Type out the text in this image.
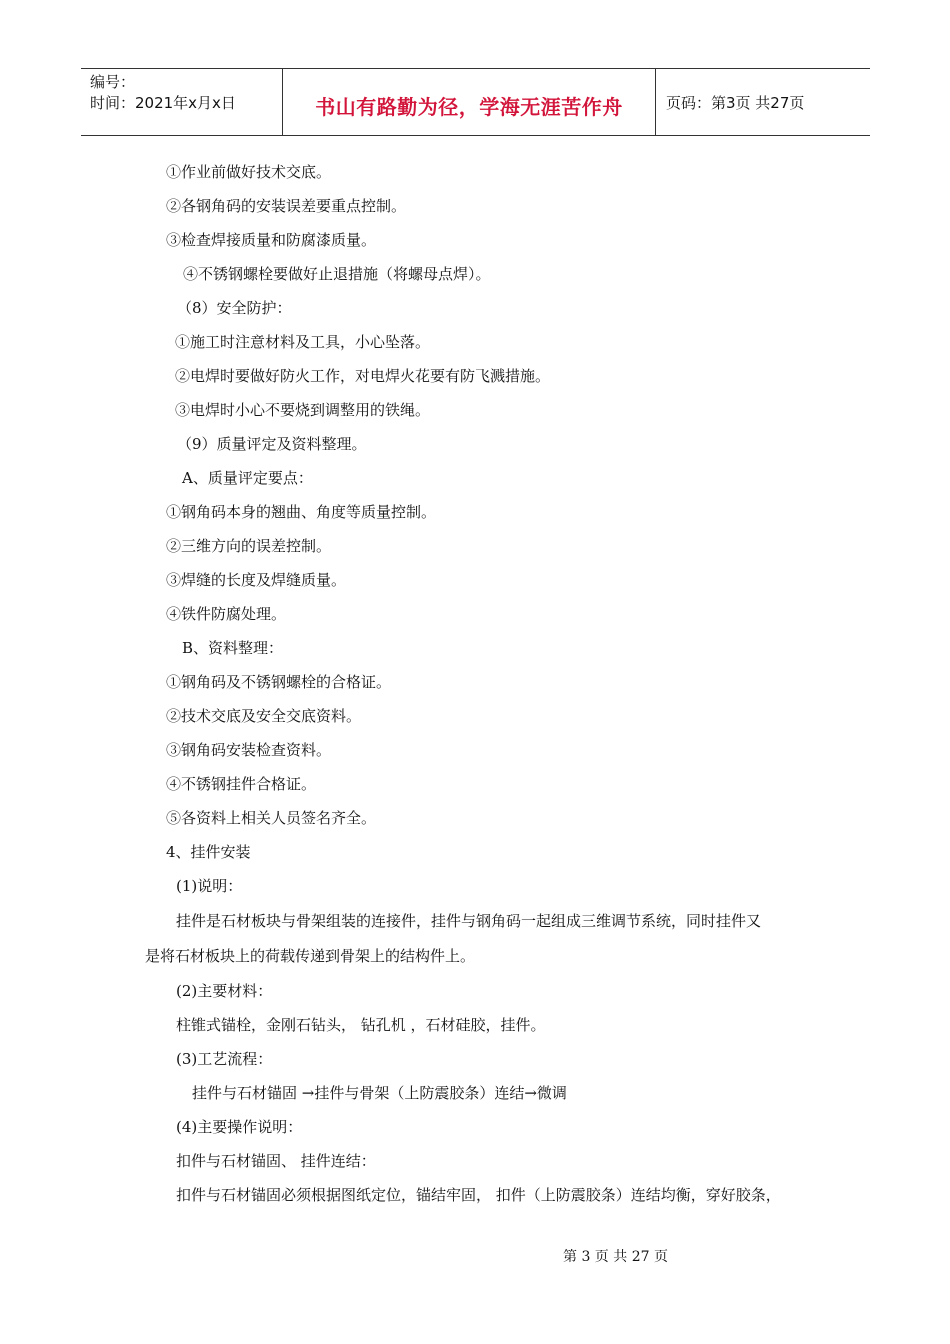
编号：
时间：2021年x月x日	书山有路勤为径，学海无涯苦作舟	页码：第3页 共27页
①作业前做好技术交底。
②各钢角码的安装误差要重点控制。
③检查焊接质量和防腐漆质量。
④不锈钢螺栓要做好止退措施（将螺母点焊）。
（8）安全防护：
①施工时注意材料及工具，小心坠落。
②电焊时要做好防火工作，对电焊火花要有防飞溅措施。
③电焊时小心不要烧到调整用的铁绳。
（9）质量评定及资料整理。
A、质量评定要点：
①钢角码本身的翘曲、角度等质量控制。
②三维方向的误差控制。
③焊缝的长度及焊缝质量。
④铁件防腐处理。
B、资料整理：
①钢角码及不锈钢螺栓的合格证。
②技术交底及安全交底资料。
③钢角码安装检查资料。
④不锈钢挂件合格证。
⑤各资料上相关人员签名齐全。
4、挂件安装
(1)说明：
挂件是石材板块与骨架组装的连接件，挂件与钢角码一起组成三维调节系统，同时挂件又
是将石材板块上的荷载传递到骨架上的结构件上。
(2)主要材料：
柱锥式锚栓，金刚石钻头， 钻孔机 ，石材硅胶，挂件。
(3)工艺流程：
挂件与石材锚固 →挂件与骨架（上防震胶条）连结→微调
(4)主要操作说明：
扣件与石材锚固、 挂件连结：
扣件与石材锚固必须根据图纸定位，锚结牢固， 扣件（上防震胶条）连结均衡，穿好胶条，
第 3 页 共 27 页
